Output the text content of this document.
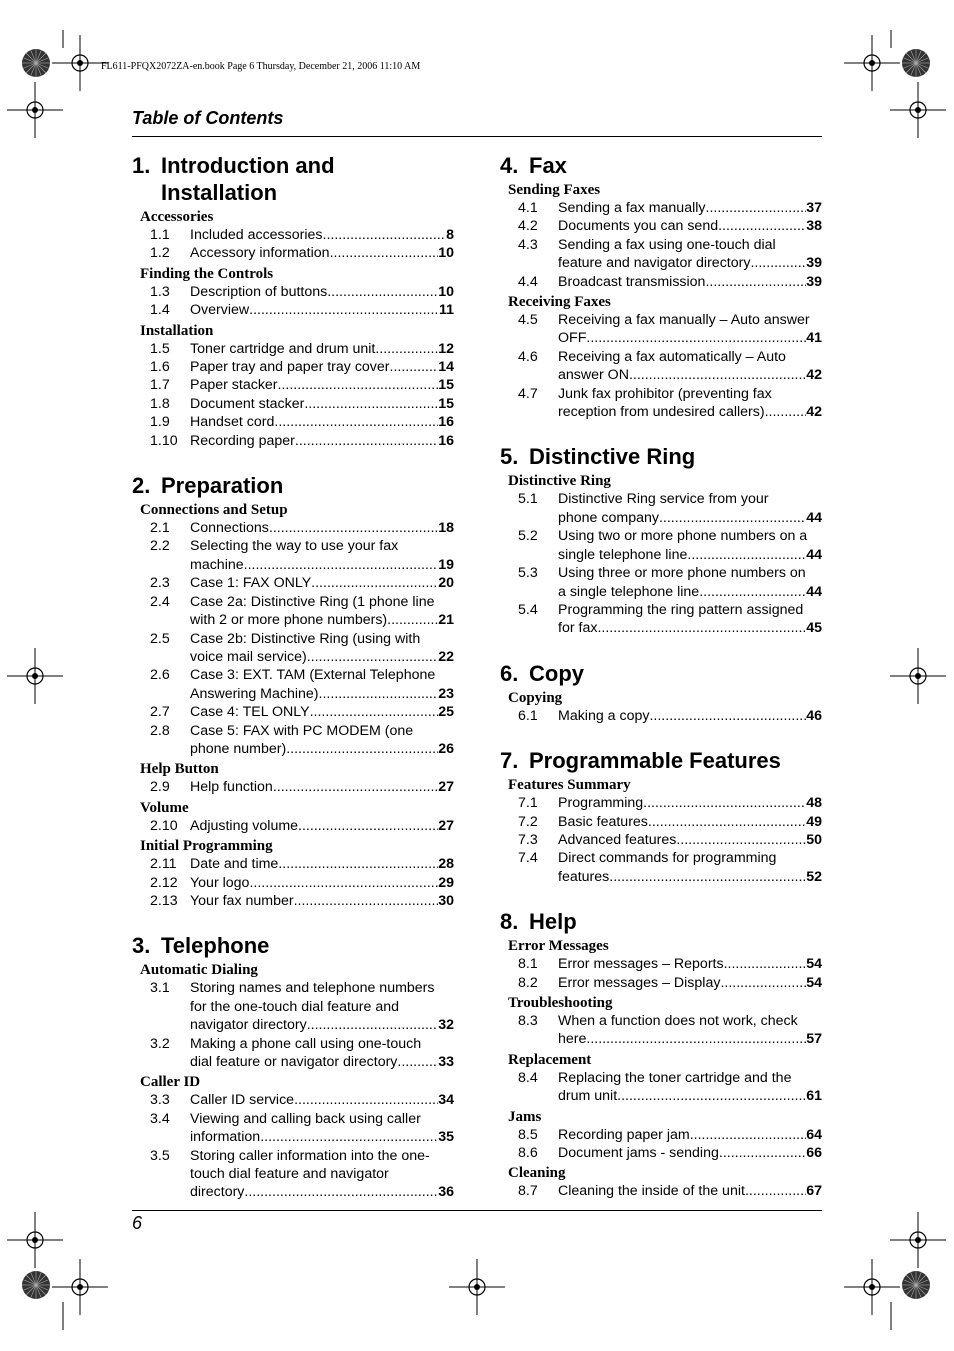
FL611-PFQX2072ZA-en.book Page 6 Thursday, December 21, 2006 11:10 AM
Table of Contents
1. Introduction and
Installation
Accessories
1.1	Included accessories .....	8
1.2	Accessory information .....	10
Finding the Controls
1.3	Description of buttons .....	10
1.4	Overview .....	11
Installation
1.5	Toner cartridge and drum unit .....	12
1.6	Paper tray and paper tray cover .....	14
1.7	Paper stacker .....	15
1.8	Document stacker .....	15
1.9	Handset cord .....	16
1.10 Recording paper .....	16
2. Preparation
Connections and Setup
2.1	Connections .....	18
2.2	Selecting the way to use your fax
machine .....	19
2.3	Case 1: FAX ONLY .....	20
2.4	Case 2a: Distinctive Ring (1 phone line
with 2 or more phone numbers) .....	21
2.5	Case 2b: Distinctive Ring (using with
voice mail service) .....	22
2.6	Case 3: EXT. TAM (External Telephone
Answering Machine) .....	23
2.7	Case 4: TEL ONLY .....	25
2.8	Case 5: FAX with PC MODEM (one
phone number) .....	26
Help Button
2.9	Help function .....	27
Volume
2.10 Adjusting volume .....	27
Initial Programming
2.11 Date and time .....	28
2.12 Your logo .....	29
2.13 Your fax number .....	30
3. Telephone
Automatic Dialing
3.1	Storing names and telephone numbers
for the one-touch dial feature and
navigator directory .....	32
3.2	Making a phone call using one-touch
dial feature or navigator directory .....	33
Caller ID
3.3	Caller ID service .....	34
3.4	Viewing and calling back using caller
information .....	35
3.5	Storing caller information into the one-
touch dial feature and navigator
directory .....	36
4. Fax
Sending Faxes
4.1	Sending a fax manually .....	37
4.2	Documents you can send .....	38
4.3	Sending a fax using one-touch dial
feature and navigator directory .....	39
4.4	Broadcast transmission .....	39
Receiving Faxes
4.5	Receiving a fax manually – Auto answer
OFF .....	41
4.6	Receiving a fax automatically – Auto
answer ON .....	42
4.7	Junk fax prohibitor (preventing fax
reception from undesired callers) .....	42
5. Distinctive Ring
Distinctive Ring
5.1	Distinctive Ring service from your
phone company .....	44
5.2	Using two or more phone numbers on a
single telephone line .....	44
5.3	Using three or more phone numbers on
a single telephone line .....	44
5.4	Programming the ring pattern assigned
for fax .....	45
6. Copy
Copying
6.1	Making a copy .....	46
7. Programmable Features
Features Summary
7.1	Programming .....	48
7.2	Basic features .....	49
7.3	Advanced features .....	50
7.4	Direct commands for programming
features .....	52
8. Help
Error Messages
8.1	Error messages – Reports .....	54
8.2	Error messages – Display .....	54
Troubleshooting
8.3	When a function does not work, check
here .....	57
Replacement
8.4	Replacing the toner cartridge and the
drum unit .....	61
Jams
8.5	Recording paper jam .....	64
8.6	Document jams - sending .....	66
Cleaning
8.7	Cleaning the inside of the unit .....	67
6
